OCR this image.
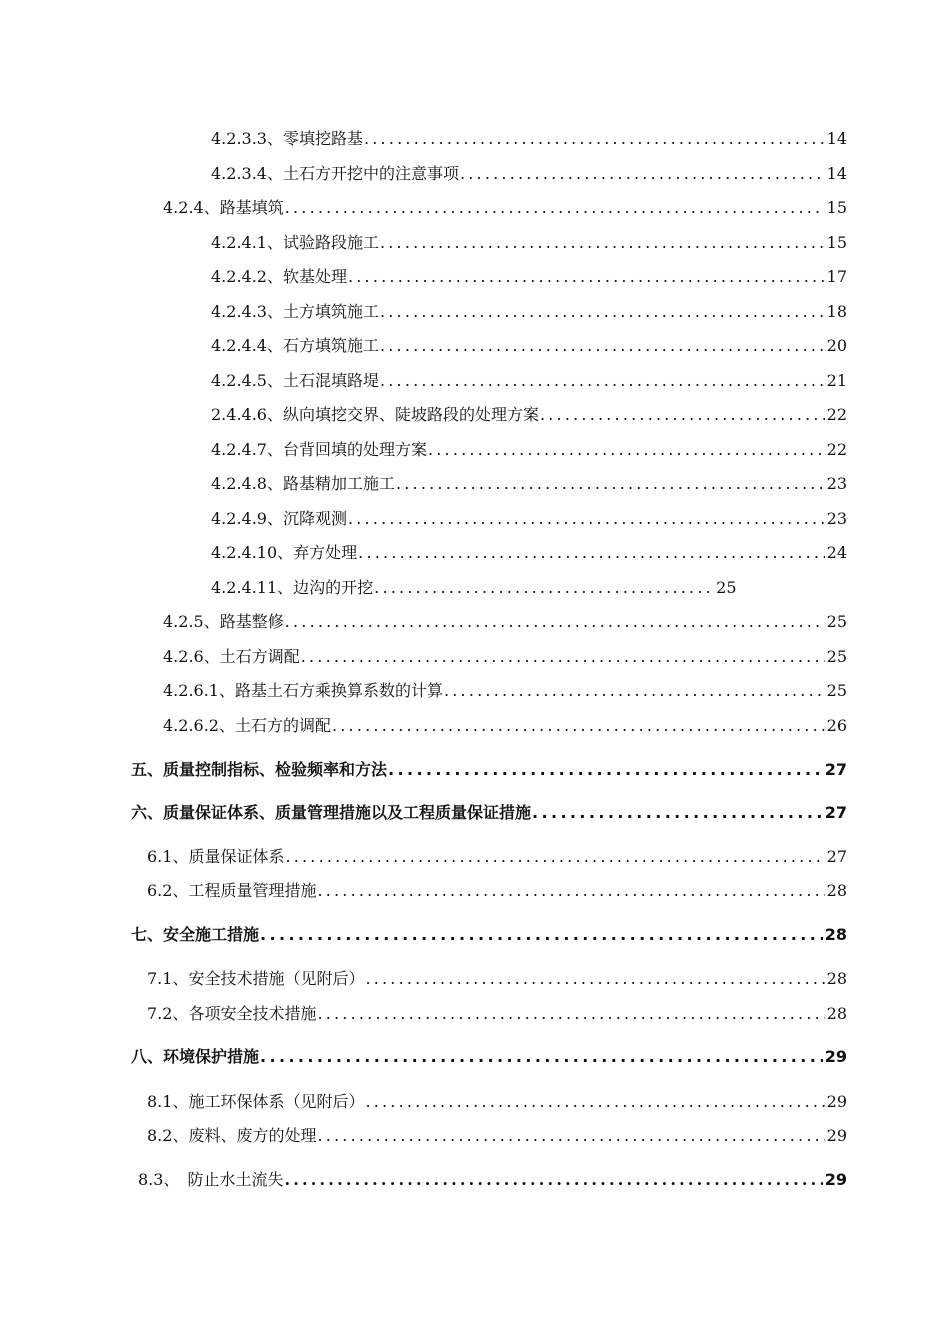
4.2.3.3、零填挖路基 .....	14
4.2.3.4、土石方开挖中的注意事项 .....	14
4.2.4、路基填筑 .....	15
4.2.4.1、试验路段施工 .....	15
4.2.4.2、软基处理 .....	17
4.2.4.3、土方填筑施工 .....	18
4.2.4.4、石方填筑施工 .....	20
4.2.4.5、土石混填路堤 .....	21
2.4.4.6、纵向填挖交界、陡坡路段的处理方案 .....	22
4.2.4.7、台背回填的处理方案 .....	22
4.2.4.8、路基精加工施工 .....	23
4.2.4.9、沉降观测 .....	23
4.2.4.10、弃方处理 .....	24
4.2.4.11、边沟的开挖 .....	25
4.2.5、路基整修 .....	25
4.2.6、土石方调配 .....	25
4.2.6.1、路基土石方乘换算系数的计算 .....	25
4.2.6.2、土石方的调配 .....	26
五、质量控制指标、检验频率和方法 .....	27
六、质量保证体系、质量管理措施以及工程质量保证措施 .....	27
6.1、质量保证体系 .....	27
6.2、工程质量管理措施 .....	28
七、安全施工措施 .....	28
7.1、安全技术措施（见附后） .....	28
7.2、各项安全技术措施 .....	28
八、环境保护措施 .....	29
8.1、施工环保体系（见附后） .....	29
8.2、废料、废方的处理 .....	29
8.3、　防止水土流失 .....	29
